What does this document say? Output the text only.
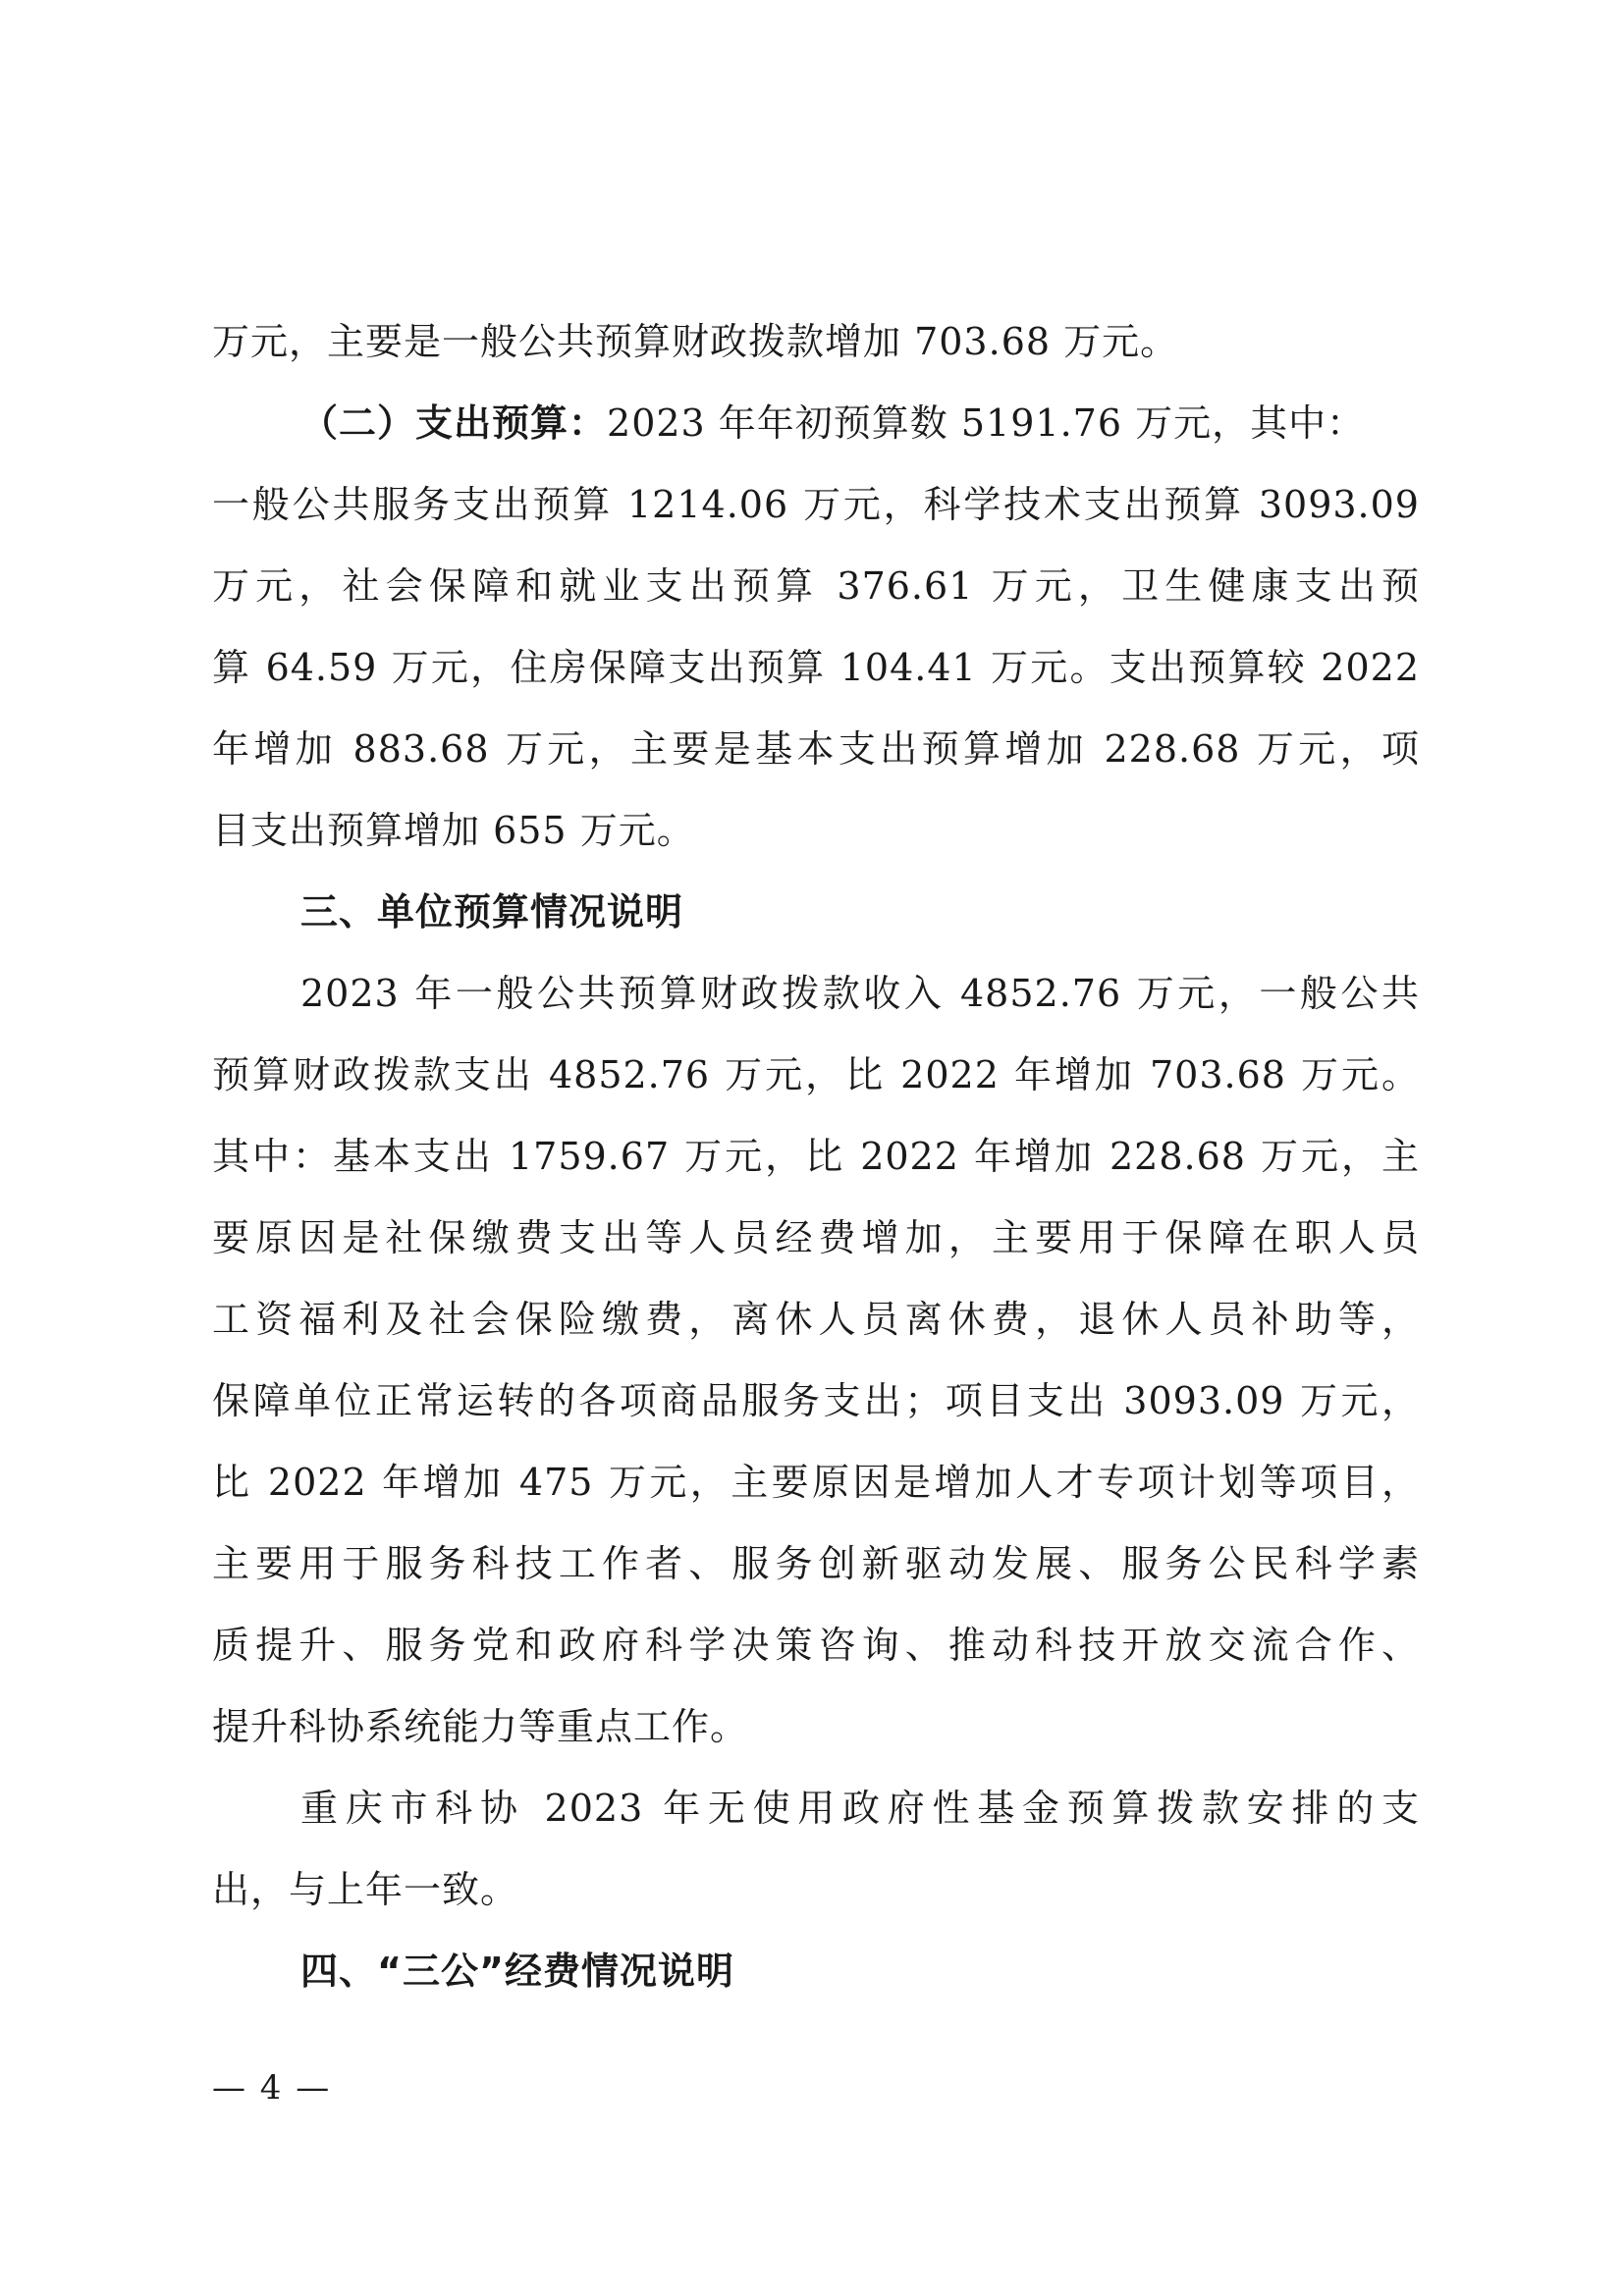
万元，主要是一般公共预算财政拨款增加 703.68 万元。
（二）支出预算：2023 年年初预算数 5191.76 万元，其中：
一般公共服务支出预算 1214.06 万元，科学技术支出预算 3093.09
万元，社会保障和就业支出预算 376.61 万元，卫生健康支出预
算 64.59 万元，住房保障支出预算 104.41 万元。支出预算较 2022
年增加 883.68 万元，主要是基本支出预算增加 228.68 万元，项
目支出预算增加 655 万元。
三、单位预算情况说明
2023 年一般公共预算财政拨款收入 4852.76 万元，一般公共
预算财政拨款支出 4852.76 万元，比 2022 年增加 703.68 万元。
其中：基本支出 1759.67 万元，比 2022 年增加 228.68 万元，主
要原因是社保缴费支出等人员经费增加，主要用于保障在职人员
工资福利及社会保险缴费，离休人员离休费，退休人员补助等，
保障单位正常运转的各项商品服务支出；项目支出 3093.09 万元，
比 2022 年增加 475 万元，主要原因是增加人才专项计划等项目，
主要用于服务科技工作者、服务创新驱动发展、服务公民科学素
质提升、服务党和政府科学决策咨询、推动科技开放交流合作、
提升科协系统能力等重点工作。
重庆市科协 2023 年无使用政府性基金预算拨款安排的支
出，与上年一致。
四、“三公”经费情况说明
— 4 —
